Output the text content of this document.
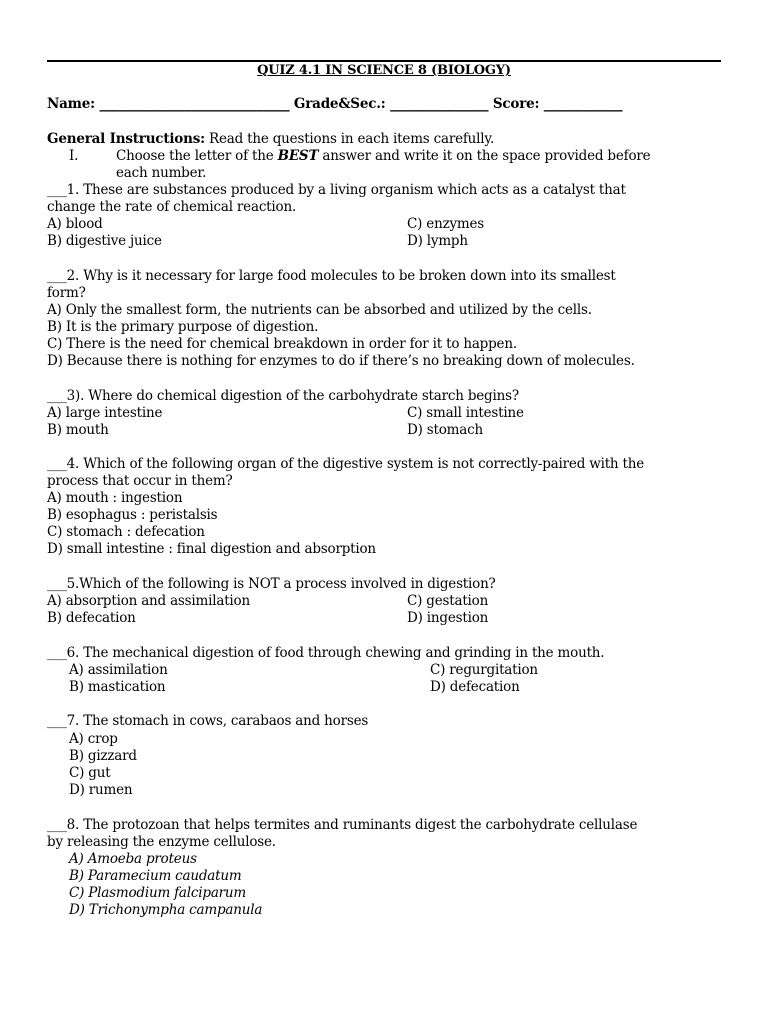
QUIZ 4.1 IN SCIENCE 8 (BIOLOGY)
Name: _____________________________ Grade&Sec.: _______________ Score: ____________
General Instructions: Read the questions in each items carefully.
I.	Choose the letter of the BEST answer and write it on the space provided before
each number.
___1. These are substances produced by a living organism which acts as a catalyst that
change the rate of chemical reaction.
A) blood	C) enzymes
B) digestive juice	D) lymph
___2. Why is it necessary for large food molecules to be broken down into its smallest
form?
A) Only the smallest form, the nutrients can be absorbed and utilized by the cells.
B) It is the primary purpose of digestion.
C) There is the need for chemical breakdown in order for it to happen.
D) Because there is nothing for enzymes to do if there’s no breaking down of molecules.
___3). Where do chemical digestion of the carbohydrate starch begins?
A) large intestine	C) small intestine
B) mouth	D) stomach
___4. Which of the following organ of the digestive system is not correctly-paired with the
process that occur in them?
A) mouth : ingestion
B) esophagus : peristalsis
C) stomach : defecation
D) small intestine : final digestion and absorption
___5.Which of the following is NOT a process involved in digestion?
A) absorption and assimilation	C) gestation
B) defecation	D) ingestion
___6. The mechanical digestion of food through chewing and grinding in the mouth.
A) assimilation	C) regurgitation
B) mastication	D) defecation
___7. The stomach in cows, carabaos and horses
A) crop
B) gizzard
C) gut
D) rumen
___8. The protozoan that helps termites and ruminants digest the carbohydrate cellulase
by releasing the enzyme cellulose.
A) Amoeba proteus
B) Paramecium caudatum
C) Plasmodium falciparum
D) Trichonympha campanula
